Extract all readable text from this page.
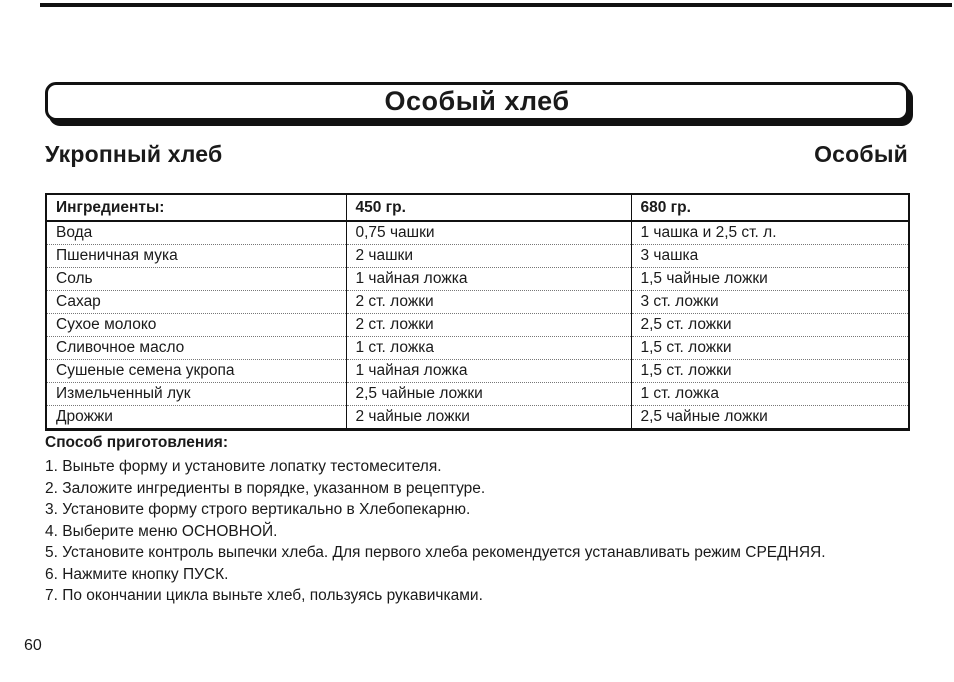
Особый хлеб
Укропный хлеб	Особый
Ингредиенты:	450 гр.	680 гр.
Вода	0,75 чашки	1 чашка и 2,5 ст. л.
Пшеничная мука	2 чашки	3 чашка
Соль	1 чайная ложка	1,5 чайные ложки
Сахар	2 ст. ложки	3 ст. ложки
Сухое молоко	2 ст. ложки	2,5 ст. ложки
Сливочное масло	1 ст. ложка	1,5 ст. ложки
Сушеные семена укропа	1 чайная ложка	1,5 ст. ложки
Измельченный лук	2,5 чайные ложки	1 ст. ложка
Дрожжи	2 чайные ложки	2,5 чайные ложки

Способ приготовления:

1. Выньте форму и установите лопатку тестомесителя.
2. Заложите ингредиенты в порядке, указанном в рецептуре.
3. Установите форму строго вертикально в Хлебопекарню.
4. Выберите меню ОСНОВНОЙ.
5. Установите контроль выпечки хлеба. Для первого хлеба рекомендуется устанавливать режим СРЕДНЯЯ.
6. Нажмите кнопку ПУСК.
7. По окончании цикла выньте хлеб, пользуясь рукавичками.
60
